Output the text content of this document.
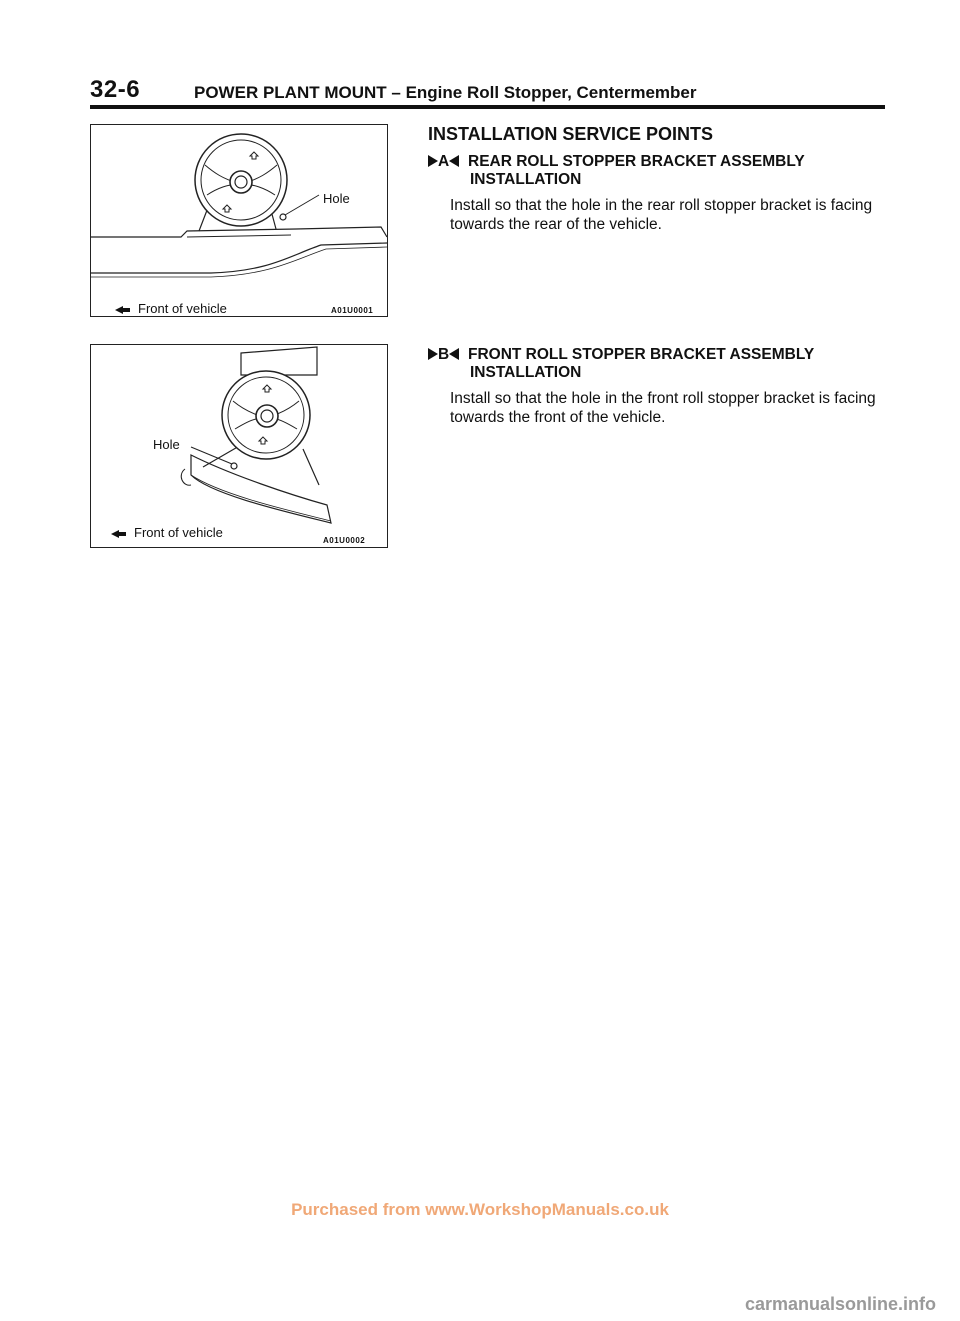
32-6	POWER PLANT MOUNT – Engine Roll Stopper, Centermember
Hole
Front of vehicle	A01U0001
Hole
Front of vehicle
A01U0002
INSTALLATION SERVICE POINTS
A REAR ROLL STOPPER BRACKET ASSEMBLY
INSTALLATION
Install so that the hole in the rear roll stopper bracket is facing towards the rear of the vehicle.
B FRONT ROLL STOPPER BRACKET ASSEMBLY
INSTALLATION
Install so that the hole in the front roll stopper bracket is facing towards the front of the vehicle.
Purchased from www.WorkshopManuals.co.uk
carmanualsonline.info
